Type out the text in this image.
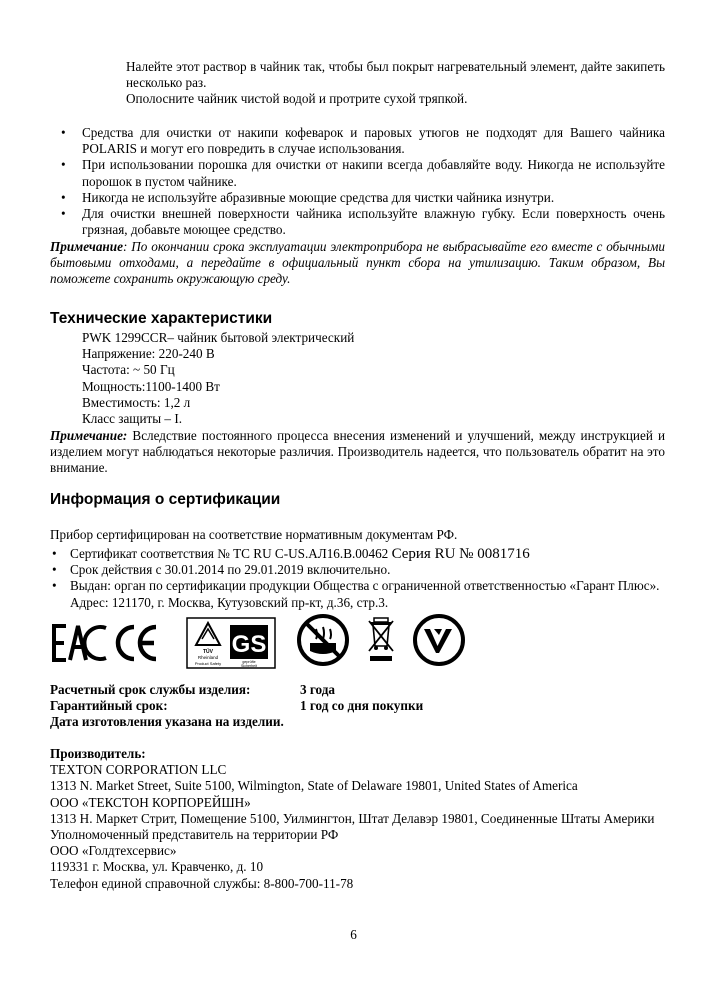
Налейте этот раствор в чайник так, чтобы был покрыт нагревательный элемент, дайте закипеть несколько раз.

Ополосните чайник чистой водой и протрите сухой тряпкой.

• Средства для очистки от накипи кофеварок и паровых утюгов не подходят для Вашего чайника POLARIS и могут его повредить в случае использования.
• При использовании порошка для очистки от накипи всегда добавляйте воду. Никогда не используйте порошок в пустом чайнике.
• Никогда не используйте абразивные моющие средства для чистки чайника изнутри.
• Для очистки внешней поверхности чайника используйте влажную губку. Если поверхность очень грязная, добавьте моющее средство.

Примечание: По окончании срока эксплуатации электроприбора не выбрасывайте его вместе с обычными бытовыми отходами, а передайте в официальный пункт сбора на утилизацию. Таким образом, Вы поможете сохранить окружающую среду.

Технические характеристики

PWK 1299CCR– чайник бытовой электрический

Напряжение: 220-240 В

Частота: ~ 50 Гц

Мощность:1100-1400 Вт

Вместимость: 1,2 л

Класс защиты – I.

Примечание: Вследствие постоянного процесса внесения изменений и улучшений, между инструкцией и изделием могут наблюдаться некоторые различия. Производитель надеется, что пользователь обратит на это внимание.

Информация о сертификации

Прибор сертифицирован на соответствие нормативным документам РФ.

• Сертификат соответствия № ТС RU C-US.АЛ16.В.00462 Серия RU № 0081716
• Срок действия с 30.01.2014 по 29.01.2019 включительно.
• Выдан: орган по сертификации продукции Общества с ограниченной ответственностью «Гарант Плюс». Адрес: 121170, г. Москва, Кутузовский пр-кт, д.36, стр.3.
EAC
CE
TÜV
Rheinland
Product Safety
GS
geprüfte
Sicherheit
Расчетный срок службы изделия:	3 года
Гарантийный срок:	1 год со дня покупки

Дата изготовления указана на изделии.

Производитель:

TEXTON CORPORATION LLC

1313 N. Market Street, Suite 5100, Wilmington, State of Delaware 19801, United States of America

ООО «ТЕКСТОН КОРПОРЕЙШН»

1313 Н. Маркет Стрит, Помещение 5100, Уилмингтон, Штат Делавэр 19801, Соединенные Штаты Америки

Уполномоченный представитель на территории РФ

ООО «Голдтехсервис»

119331 г. Москва, ул. Кравченко, д. 10

Телефон единой справочной службы: 8-800-700-11-78

6
